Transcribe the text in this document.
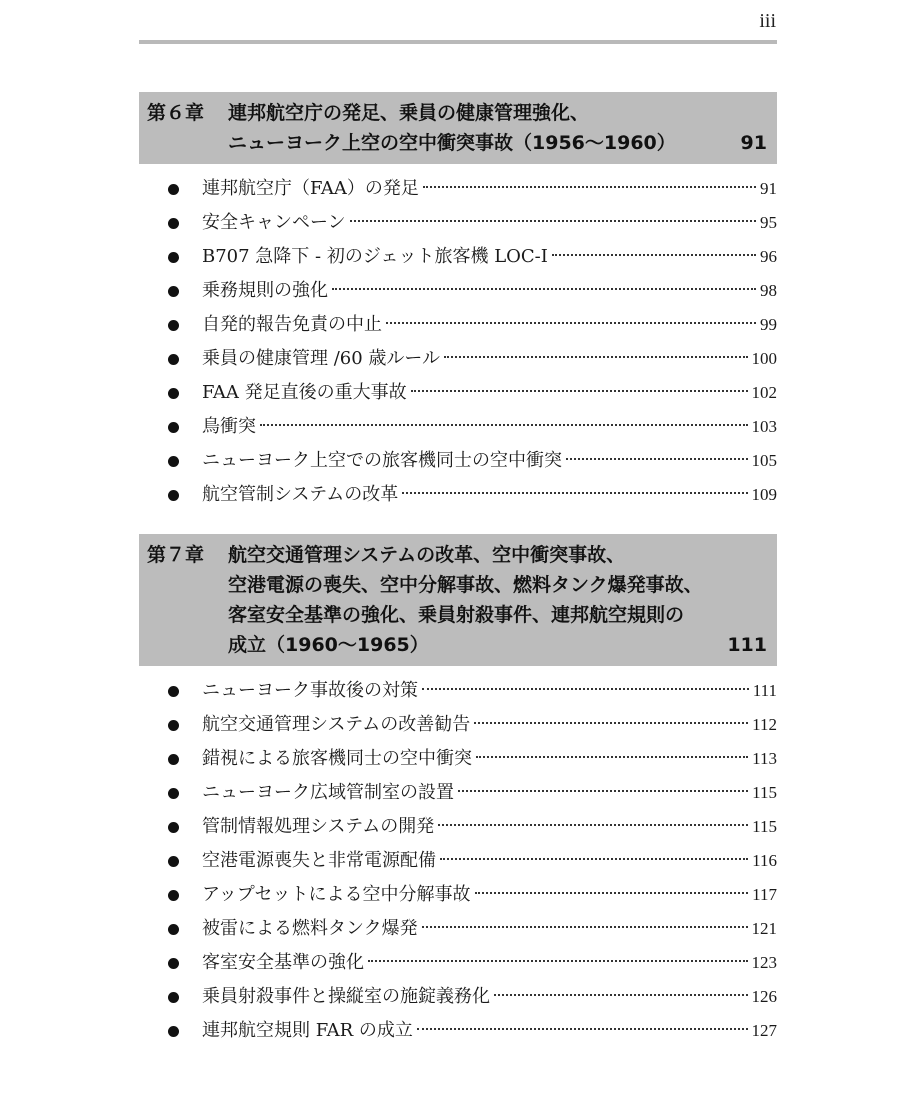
iii
第６章 連邦航空庁の発足、乗員の健康管理強化、
ニューヨーク上空の空中衝突事故（1956～1960）	91
連邦航空庁（FAA）の発足	91
安全キャンペーン	95
B707 急降下 - 初のジェット旅客機 LOC-I	96
乗務規則の強化	98
自発的報告免責の中止	99
乗員の健康管理 /60 歳ルール	100
FAA 発足直後の重大事故	102
鳥衝突	103
ニューヨーク上空での旅客機同士の空中衝突	105
航空管制システムの改革	109
第７章 航空交通管理システムの改革、空中衝突事故、
空港電源の喪失、空中分解事故、燃料タンク爆発事故、
客室安全基準の強化、乗員射殺事件、連邦航空規則の
成立（1960～1965）	111
ニューヨーク事故後の対策	111
航空交通管理システムの改善勧告	112
錯視による旅客機同士の空中衝突	113
ニューヨーク広域管制室の設置	115
管制情報処理システムの開発	115
空港電源喪失と非常電源配備	116
アップセットによる空中分解事故	117
被雷による燃料タンク爆発	121
客室安全基準の強化	123
乗員射殺事件と操縦室の施錠義務化	126
連邦航空規則 FAR の成立	127
